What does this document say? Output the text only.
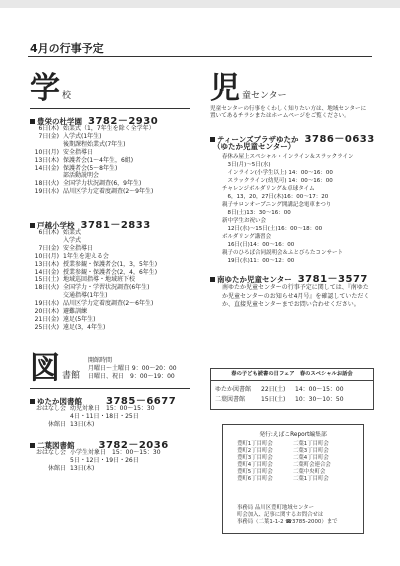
4月の行事予定
学校
豊栄の杜学園 3782－2930
6日(木) 始業式（1，7年生を除く全学年）
7日(金) 入学式(1年生)
後期課程始業式(7年生)
10日(月) 安全指導日
13日(木) 保護者会(1～4年生，6組)
14日(金) 保護者会(5～8年生)
部活動説明会
18日(火) 全国学力状況調査(6，9年生)
19日(水) 品川区学力定着度調査(2～9年生)
戸越小学校 3781－2833
6日(木) 始業式
入学式
7日(金) 安全指導日
10日(月) 1年生を迎える会
13日(木) 授業参観・保護者会(1，3，5年生)
14日(金) 授業参観・保護者会(2，4，6年生)
15日(土) 地域巡回指導・地域班下校
18日(火) 全国学力・学習状況調査(6年生)
交通指導(1年生)
19日(水) 品川区学力定着度調査(2～6年生)
20日(木) 避難訓練
21日(金) 遠足(5年生)
25日(火) 遠足(3，4年生)
図書館
開館時間
月曜日～土曜日 9：00～20：00
日曜日、祝日　9：00～19：00
ゆたか図書館 3785－6677
おはなし会 幼児対象日　15：00～15：30
4日・11日・18日・25日
休館日 13日(木)
二葉図書館 3782－2036
おはなし会 小学生対象日　15：00～15：30
5日・12日・19日・26日
休館日 13日(木)
児童センター
児童センターの行事をくわしく知りたい方は、地域センターに置いてあるチラシまたはホームページをご覧ください。
ティーンズプラザゆたか 3786－0633
（ゆたか児童センター）
春休み屋上スペシャル・インライン＆スラックライン
　3日(月)～5日(水)
　インライン(小学生以上) 14：00～16：00
　スラックライン(幼児可) 14：00～16：00
チャレンジボルダリング＆卓球タイム
　6，13，20，27日(木)16：00～17：20
親子サロンオープニング開講記念電車まつり
　8日(土)13：30～16：00
新中学生お祝い会
　12日(水)～15日(土)16：00～18：00
ボルダリング講習会
　16日(日)14：00～16：00
親子のひろば合同説明会＆ふとびらたコンサート
　19日(水)11：00～12：00
南ゆたか児童センター 3781－3577
南ゆたか児童センターの行事予定に関しては、『南ゆたか児童センターのお知らせ4月号』を確認していただくか、直接児童センターまでお問い合わせください。
春の子ども読書の日フェア　春のスペシャルお話会
ゆたか図書館 22日(土) 14：00～15：00
二葉図書館	15日(土) 10：30～10：50
発行:えばこReport編集部
豊町1丁目町会	二葉1丁目町会
豊町2丁目町会	二葉3丁目町会
豊町3丁目町会	二葉4丁目町会
豊町4丁目町会	二葉町会連合会
豊町5丁目町会	二葉中央町会
豊町6丁目町会	二葉1丁目町会
事務局 品川区豊町地域センター
町会加入、記事に関するお問合せは
事務局（二葉1-1-2 ☎3785-2000）まで
